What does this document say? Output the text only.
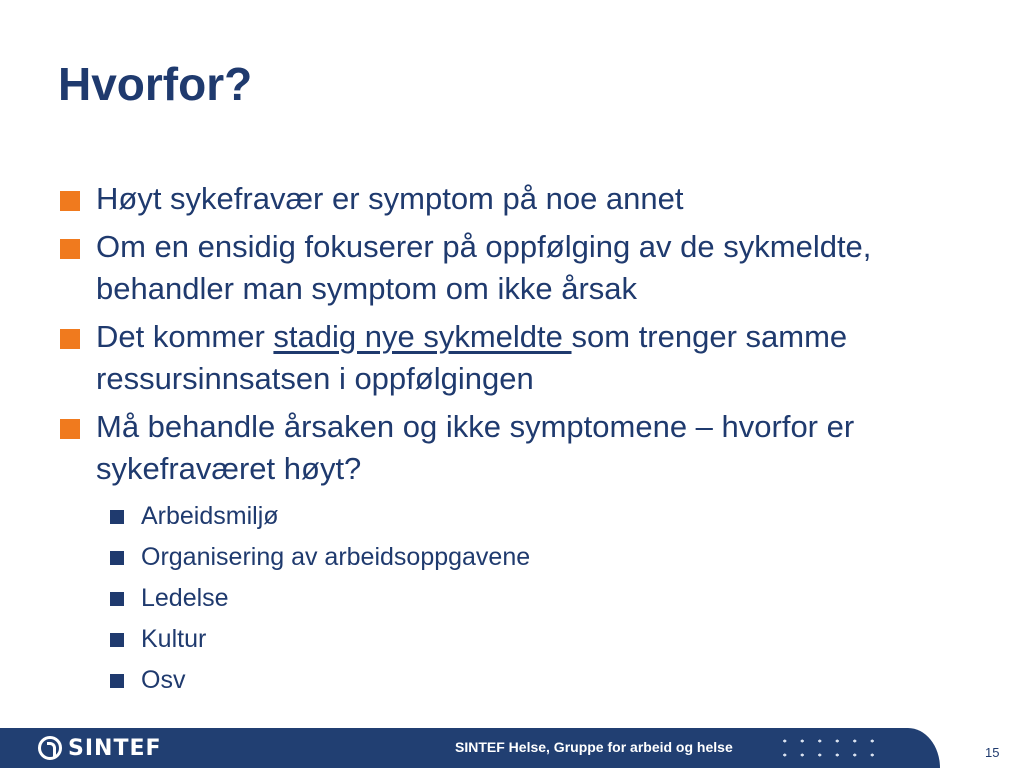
Hvorfor?
Høyt sykefravær er symptom på noe annet
Om en ensidig fokuserer på oppfølging av de sykmeldte, behandler man symptom om ikke årsak
Det kommer stadig nye sykmeldte som trenger samme ressursinnsatsen i oppfølgingen
Må behandle årsaken og ikke symptomene – hvorfor er sykefraværet høyt?
Arbeidsmiljø
Organisering av arbeidsoppgavene
Ledelse
Kultur
Osv
SINTEF	SINTEF Helse, Gruppe for arbeid og helse	15
